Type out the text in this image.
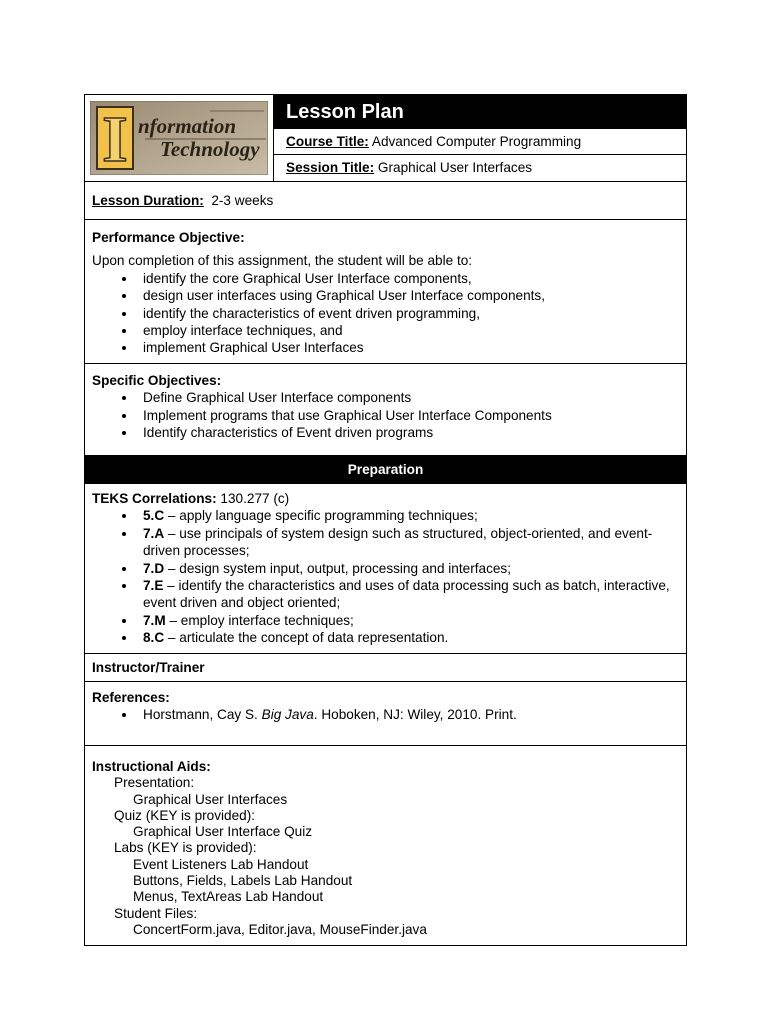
I nformation
Technology
Lesson Plan
Course Title: Advanced Computer Programming
Session Title: Graphical User Interfaces
Lesson Duration: 2-3 weeks
Performance Objective:
Upon completion of this assignment, the student will be able to:
• identify the core Graphical User Interface components,
• design user interfaces using Graphical User Interface components,
• identify the characteristics of event driven programming,
• employ interface techniques, and
• implement Graphical User Interfaces
Specific Objectives:
• Define Graphical User Interface components
• Implement programs that use Graphical User Interface Components
• Identify characteristics of Event driven programs
Preparation
TEKS Correlations: 130.277 (c)
• 5.C – apply language specific programming techniques;
• 7.A – use principals of system design such as structured, object-oriented, and event-driven processes;
• 7.D – design system input, output, processing and interfaces;
• 7.E – identify the characteristics and uses of data processing such as batch, interactive, event driven and object oriented;
• 7.M – employ interface techniques;
• 8.C – articulate the concept of data representation.
Instructor/Trainer
References:
• Horstmann, Cay S. Big Java. Hoboken, NJ: Wiley, 2010. Print.
Instructional Aids:
Presentation:
Graphical User Interfaces
Quiz (KEY is provided):
Graphical User Interface Quiz
Labs (KEY is provided):
Event Listeners Lab Handout
Buttons, Fields, Labels Lab Handout
Menus, TextAreas Lab Handout
Student Files:
ConcertForm.java, Editor.java, MouseFinder.java
